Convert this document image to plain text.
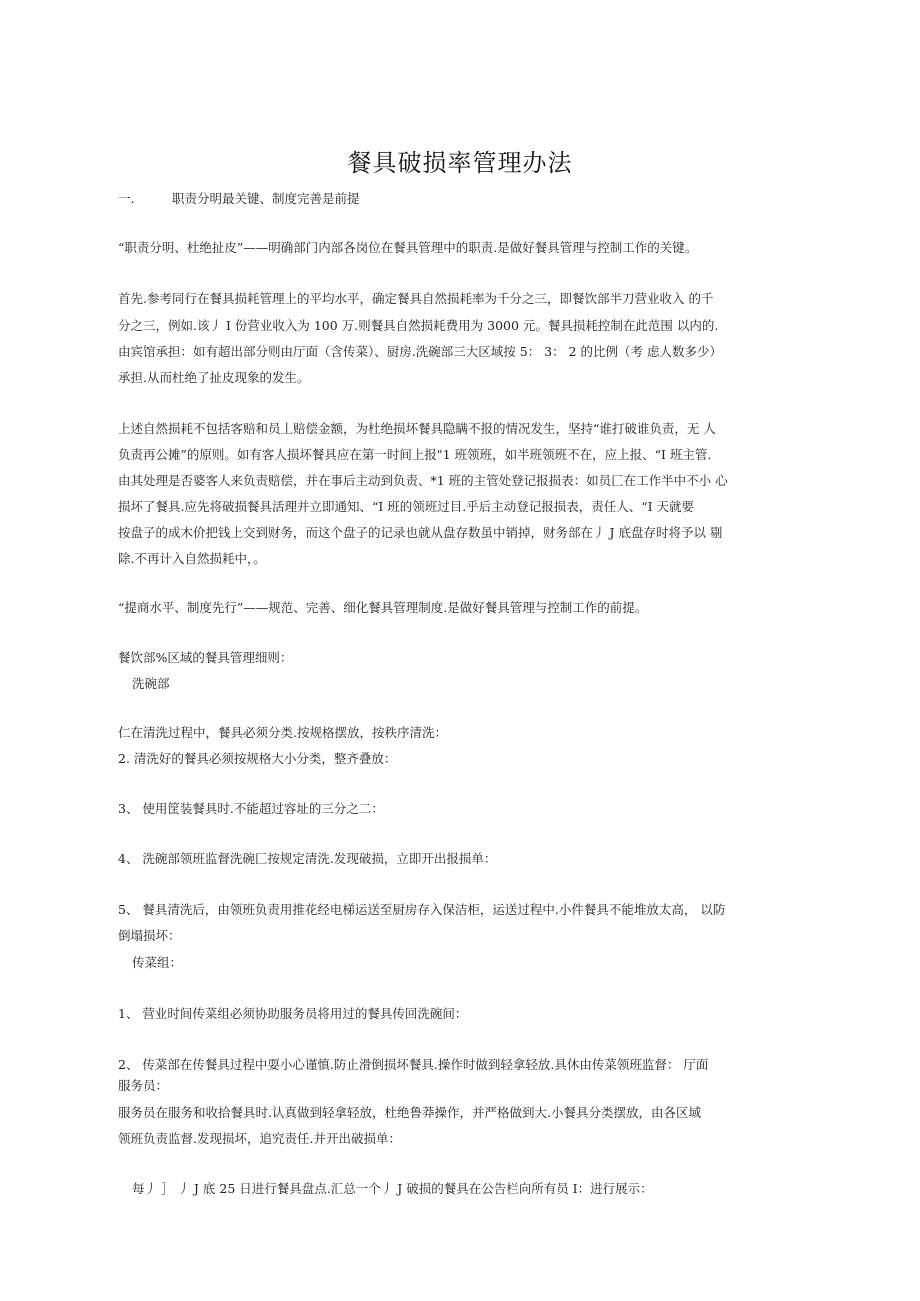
餐具破损率管理办法
一.	职责分明最关键、制度完善是前提
“职责分明、杜绝扯皮”——明确部门内部各岗位在餐具管理中的职责.是做好餐具管理与控制工作的关键。
首先.参考同行在餐具损耗管理上的平均水平，确定餐具自然损耗率为千分之三，即餐饮部半刀营业收入 的千
分之三，例如.该丿 I 份营业收入为 100 万.则餐具自然损耗费用为 3000 元。餐具损耗控制在此范围 以内的.
由宾馆承担：如有超出部分则由厅面（含传菜）、厨房.洗碗部三大区域按 5： 3： 2 的比例（考 虑人数多少）
承担.从而杜绝了扯皮现象的发生。
上述自然损耗不包括客赔和员丄赔偿金额，为杜绝损坏餐具隐瞒不报的情况发生，坚持“谁打破谁负责，无 人
负责再公摊”的原则。如有客人损坏餐具应在第一时间上报"1 班领班，如半班领班不在，应上报、“I 班主管.
由其处理是否婆客人来负责赔偿，并在事后主动到负责、*1 班的主管处登记报损表：如员匚在工作半中不小 心
损坏了餐具.应先将破损餐具活理并立即通知、“I 班的领班过目.乎后主动登记报损表，责任人、“I 天就要
按盘子的成木价把钱上交到财务，而这个盘子的记录也就从盘存数虽中销掉，财务部在丿 J 底盘存时将予以 剔
除.不再计入自然损耗中，。
“提商水平、制度先行”——规范、完善、细化餐具管理制度.是做好餐具管理与控制工作的前提。
餐饮部%区域的餐具管理细则：
洗碗部
仁在清洗过程中，餐具必须分类.按规格摆放，按秩序清洗：
2. 清洗好的餐具必须按规格大小分类，整齐叠放：
3、 使用筐装餐具时.不能超过容址的三分之二：
4、 洗碗部领班监督洗碗匚按规定清洗.发现破损，立即开出报损单：
5、 餐具清洗后，由领班负责用推花经电梯运送至厨房存入保洁柜，运送过程中.小件餐具不能堆放太高， 以防
倒塌损坏：
传菜组：
1、 营业时间传菜组必须协助服务员将用过的餐具传回洗碗间：
2、 传菜部在传餐具过程中耍小心谨慎.防止滑倒损坏餐具.操作时做到轻拿轻放.具休由传菜领班监督： 厅面
服务员：
服务员在服务和收拾餐具时.认真做到轻拿轻放，杜绝鲁莽操作，并严格做到大.小餐具分类摆放，由各区域
领班负责监督.发现损坏，追究责任.并开出破损单：
每丿 ］ 丿 J 底 25 日进行餐具盘点.汇总一个丿 J 破损的餐具在公告栏向所有员 I：进行展示：
